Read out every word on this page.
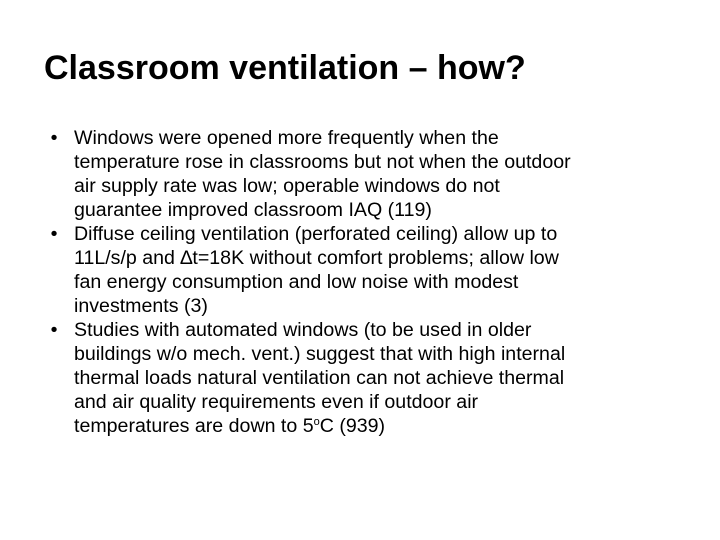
Classroom ventilation – how?
• Windows were opened more frequently when the
temperature rose in classrooms but not when the outdoor
air supply rate was low; operable windows do not
guarantee improved classroom IAQ (119)
• Diffuse ceiling ventilation (perforated ceiling) allow up to
11L/s/p and ∆t=18K without comfort problems; allow low
fan energy consumption and low noise with modest
investments (3)
• Studies with automated windows (to be used in older
buildings w/o mech. vent.) suggest that with high internal
thermal loads natural ventilation can not achieve thermal
and air quality requirements even if outdoor air
temperatures are down to 5$^o$C (939)
